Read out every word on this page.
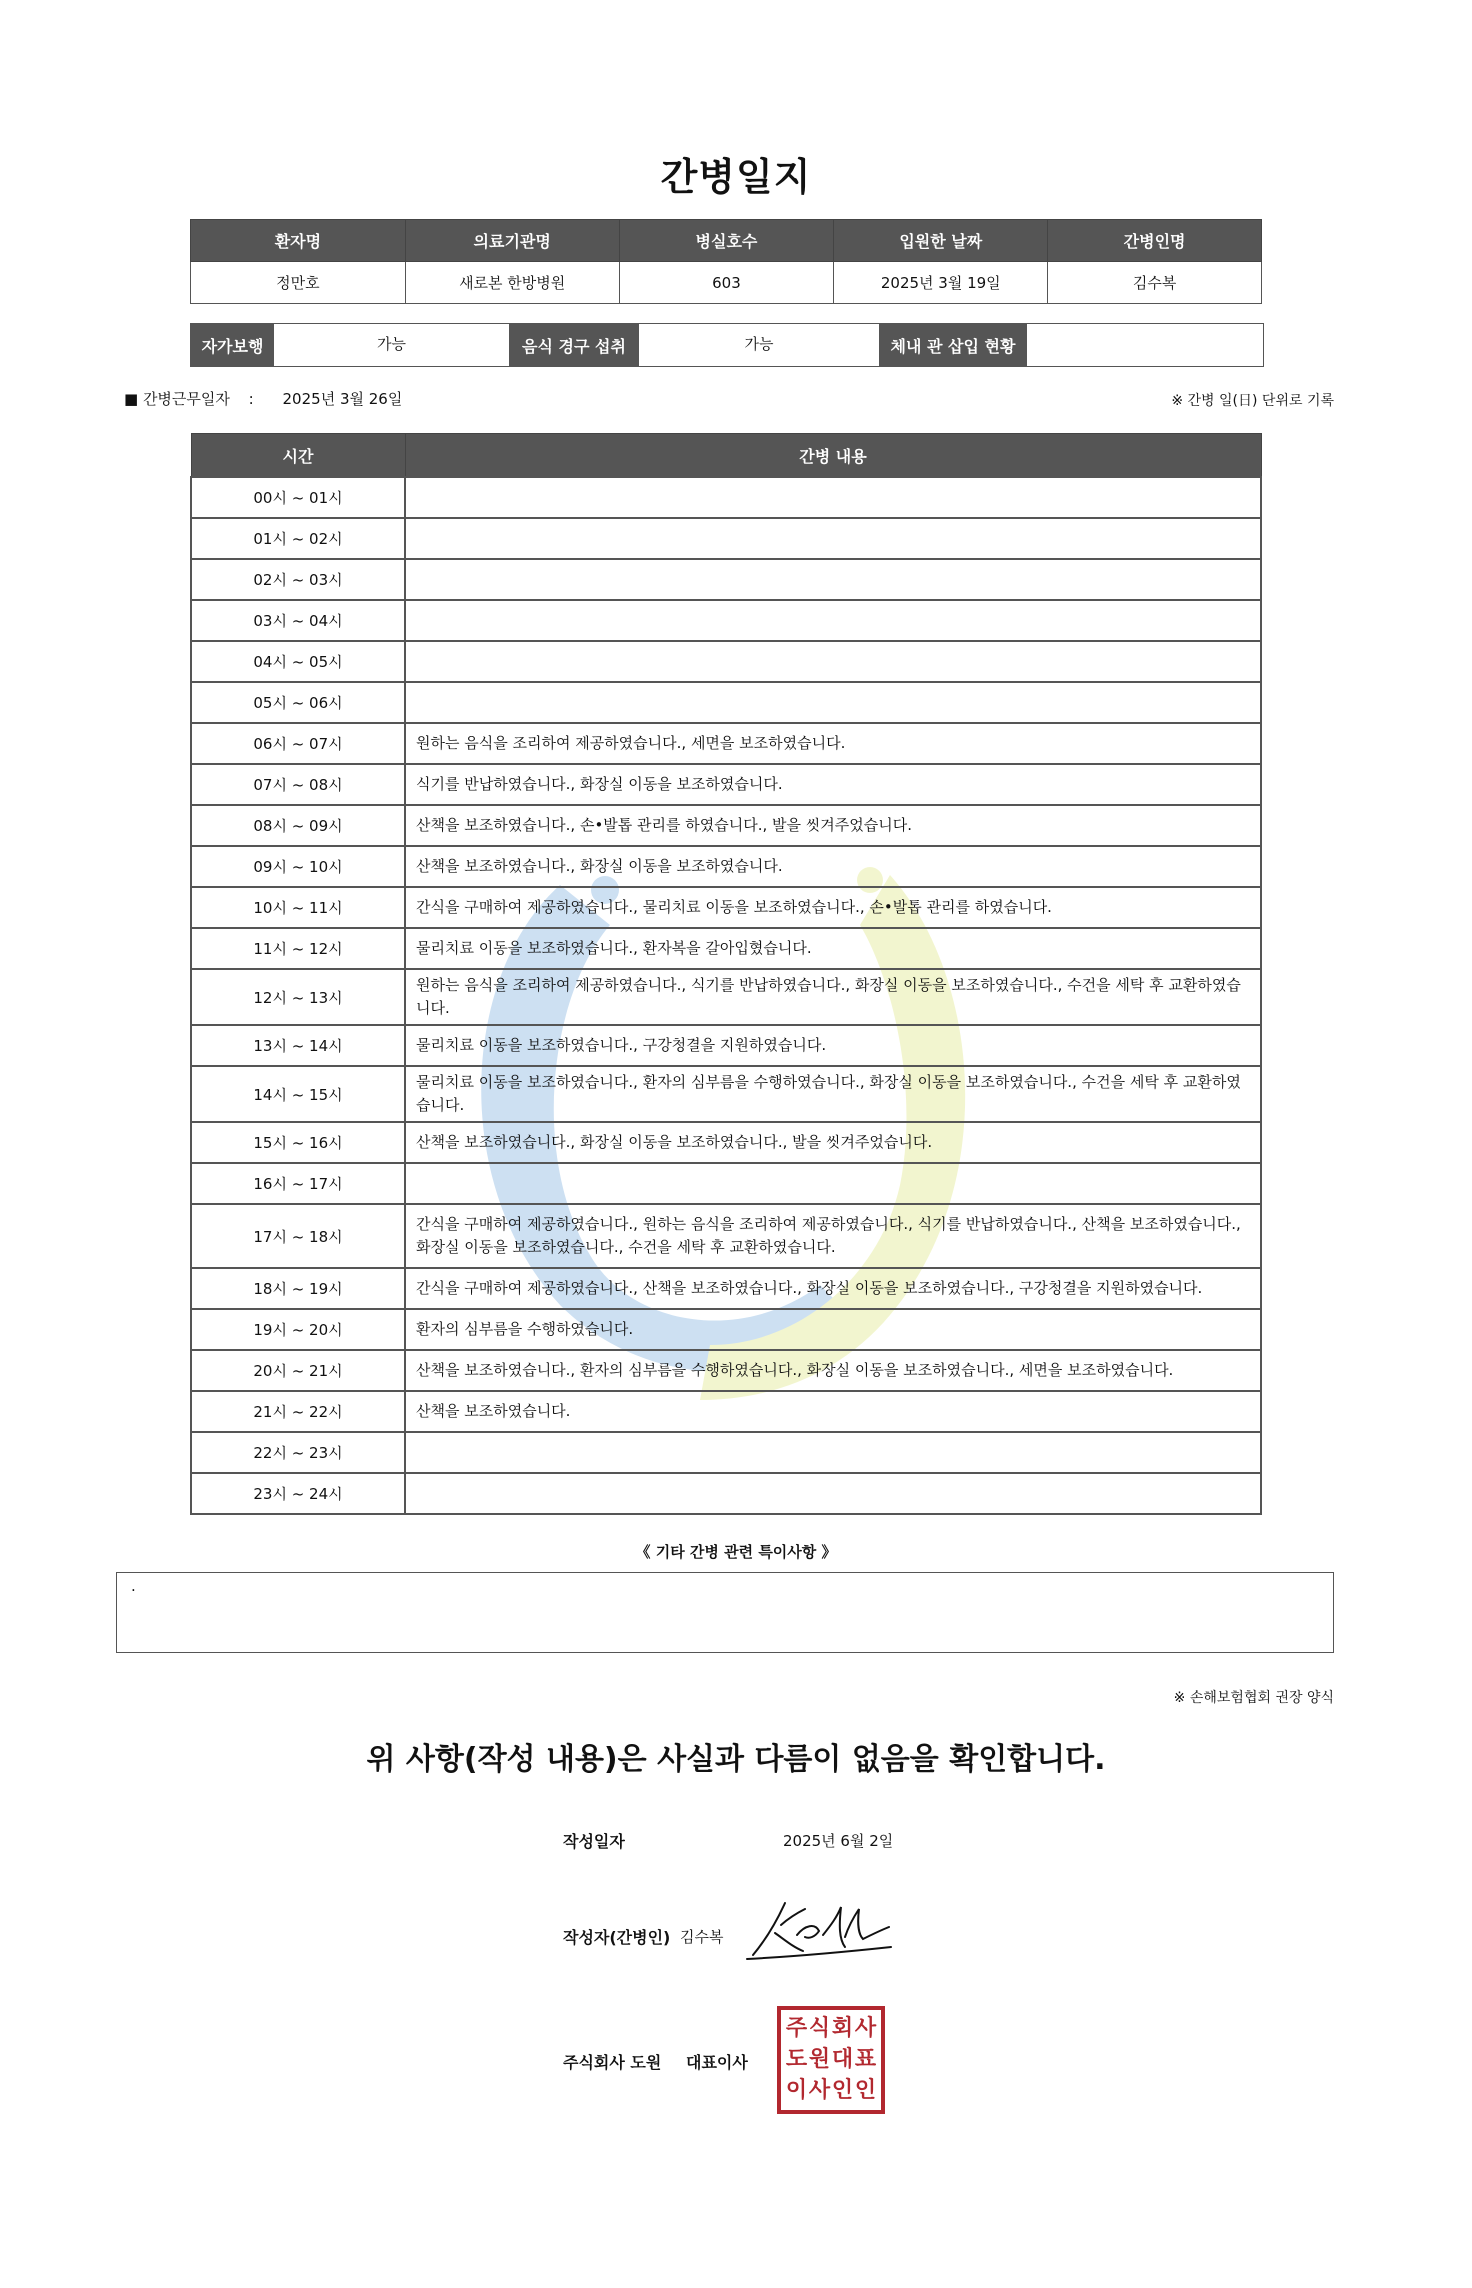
간병일지
환자명	의료기관명	병실호수	입원한 날짜	간병인명
정만호	새로본 한방병원	603	2025년 3월 19일	김수복
자가보행	가능	음식 경구 섭취	가능	체내 관 삽입 현황
■ 간병근무일자 : 2025년 3월 26일	※ 간병 일(日) 단위로 기록
시간	간병 내용
00시 ~ 01시	
01시 ~ 02시	
02시 ~ 03시	
03시 ~ 04시	
04시 ~ 05시	
05시 ~ 06시	
06시 ~ 07시	원하는 음식을 조리하여 제공하였습니다., 세면을 보조하였습니다.
07시 ~ 08시	식기를 반납하였습니다., 화장실 이동을 보조하였습니다.
08시 ~ 09시	산책을 보조하였습니다., 손•발톱 관리를 하였습니다., 발을 씻겨주었습니다.
09시 ~ 10시	산책을 보조하였습니다., 화장실 이동을 보조하였습니다.
10시 ~ 11시	간식을 구매하여 제공하였습니다., 물리치료 이동을 보조하였습니다., 손•발톱 관리를 하였습니다.
11시 ~ 12시	물리치료 이동을 보조하였습니다., 환자복을 갈아입혔습니다.
12시 ~ 13시	원하는 음식을 조리하여 제공하였습니다., 식기를 반납하였습니다., 화장실 이동을 보조하였습니다., 수건을 세탁 후 교환하였습니다.
13시 ~ 14시	물리치료 이동을 보조하였습니다., 구강청결을 지원하였습니다.
14시 ~ 15시	물리치료 이동을 보조하였습니다., 환자의 심부름을 수행하였습니다., 화장실 이동을 보조하였습니다., 수건을 세탁 후 교환하였습니다.
15시 ~ 16시	산책을 보조하였습니다., 화장실 이동을 보조하였습니다., 발을 씻겨주었습니다.
16시 ~ 17시	
17시 ~ 18시	간식을 구매하여 제공하였습니다., 원하는 음식을 조리하여 제공하였습니다., 식기를 반납하였습니다., 산책을 보조하였습니다., 화장실 이동을 보조하였습니다., 수건을 세탁 후 교환하였습니다.
18시 ~ 19시	간식을 구매하여 제공하였습니다., 산책을 보조하였습니다., 화장실 이동을 보조하였습니다., 구강청결을 지원하였습니다.
19시 ~ 20시	환자의 심부름을 수행하였습니다.
20시 ~ 21시	산책을 보조하였습니다., 환자의 심부름을 수행하였습니다., 화장실 이동을 보조하였습니다., 세면을 보조하였습니다.
21시 ~ 22시	산책을 보조하였습니다.
22시 ~ 23시	
23시 ~ 24시	
《 기타 간병 관련 특이사항 》
.
※ 손해보험협회 권장 양식
위 사항(작성 내용)은 사실과 다름이 없음을 확인합니다.
작성일자	2025년 6월 2일
작성자(간병인) 김수복
주식회사 도원 대표이사
주 식 회 사
도 원 대 표
이 사 인 인
